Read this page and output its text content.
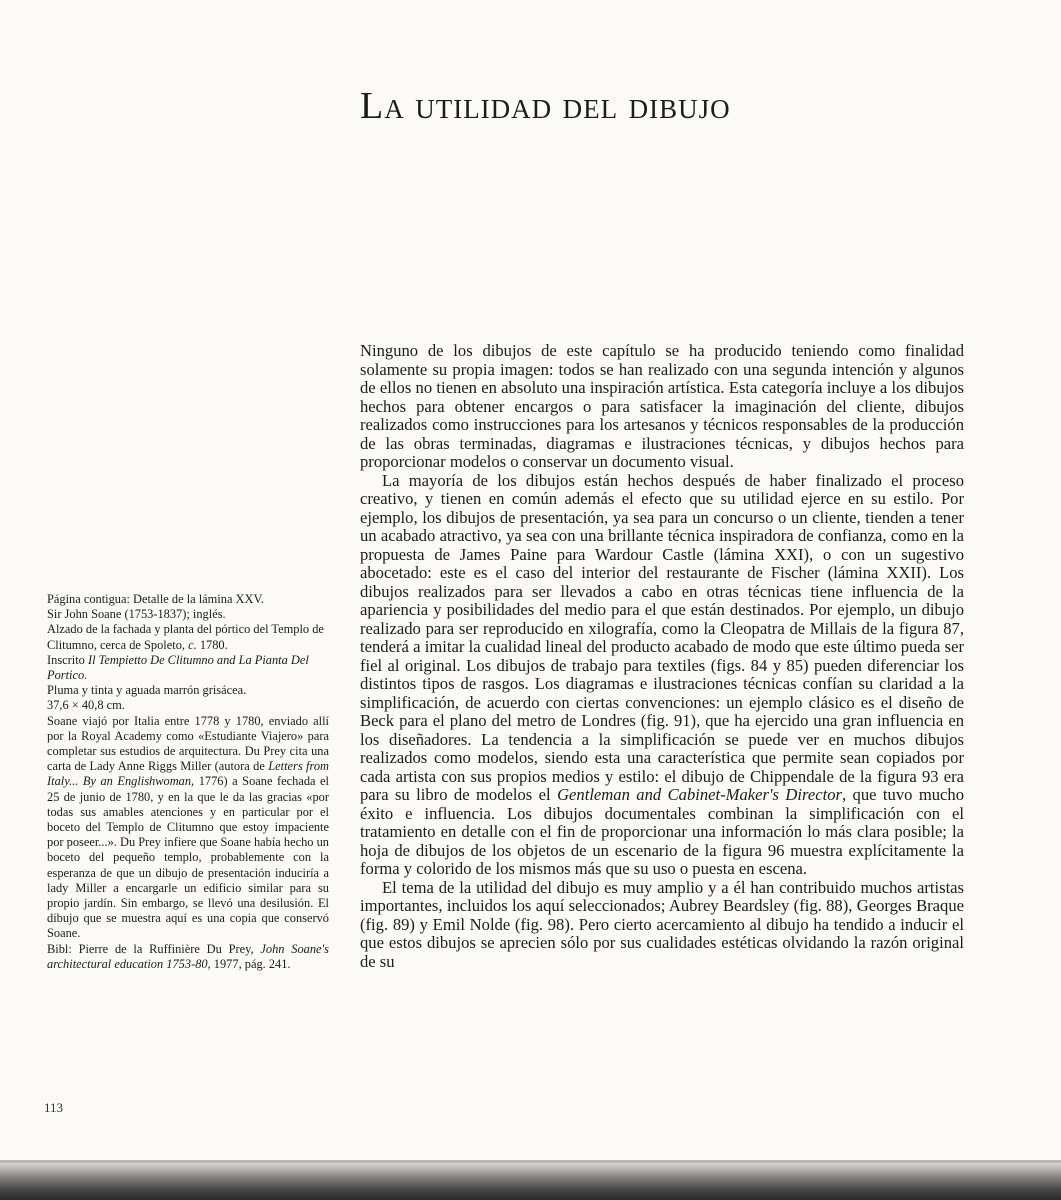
La utilidad del dibujo

Ninguno de los dibujos de este capítulo se ha producido teniendo como finalidad solamente su propia imagen: todos se han realizado con una segunda intención y algunos de ellos no tienen en absoluto una inspiración artística. Esta categoría incluye a los dibujos hechos para obtener encargos o para satisfacer la imaginación del cliente, dibujos realizados como instrucciones para los artesanos y técnicos responsables de la producción de las obras terminadas, diagramas e ilustraciones técnicas, y dibujos hechos para proporcionar modelos o conservar un documento visual.

La mayoría de los dibujos están hechos después de haber finalizado el proceso creativo, y tienen en común además el efecto que su utilidad ejerce en su estilo. Por ejemplo, los dibujos de presentación, ya sea para un concurso o un cliente, tienden a tener un acabado atractivo, ya sea con una brillante técnica inspiradora de confianza, como en la propuesta de James Paine para Wardour Castle (lámina XXI), o con un sugestivo abocetado: este es el caso del interior del restaurante de Fischer (lámina XXII). Los dibujos realizados para ser llevados a cabo en otras técnicas tiene influencia de la apariencia y posibilidades del medio para el que están destinados. Por ejemplo, un dibujo realizado para ser reproducido en xilografía, como la Cleopatra de Millais de la figura 87, tenderá a imitar la cualidad lineal del producto acabado de modo que este último pueda ser fiel al original. Los dibujos de trabajo para textiles (figs. 84 y 85) pueden diferenciar los distintos tipos de rasgos. Los diagramas e ilustraciones técnicas confían su claridad a la simplificación, de acuerdo con ciertas convenciones: un ejemplo clásico es el diseño de Beck para el plano del metro de Londres (fig. 91), que ha ejercido una gran influencia en los diseñadores. La tendencia a la simplificación se puede ver en muchos dibujos realizados como modelos, siendo esta una característica que permite sean copiados por cada artista con sus propios medios y estilo: el dibujo de Chippendale de la figura 93 era para su libro de modelos el Gentleman and Cabinet-Maker's Director, que tuvo mucho éxito e influencia. Los dibujos documentales combinan la simplificación con el tratamiento en detalle con el fin de proporcionar una información lo más clara posible; la hoja de dibujos de los objetos de un escenario de la figura 96 muestra explícitamente la forma y colorido de los mismos más que su uso o puesta en escena.

El tema de la utilidad del dibujo es muy amplio y a él han contribuido muchos artistas importantes, incluidos los aquí seleccionados; Aubrey Beardsley (fig. 88), Georges Braque (fig. 89) y Emil Nolde (fig. 98). Pero cierto acercamiento al dibujo ha tendido a inducir el que estos dibujos se aprecien sólo por sus cualidades estéticas olvidando la razón original de su

Página contigua: Detalle de la lámina XXV.
Sir John Soane (1753-1837); inglés.
Alzado de la fachada y planta del pórtico del Templo de Clitumno, cerca de Spoleto, c. 1780.
Inscrito Il Tempietto De Clitumno and La Pianta Del Portico.
Pluma y tinta y aguada marrón grisácea.
37,6 × 40,8 cm.
Soane viajó por Italia entre 1778 y 1780, enviado allí por la Royal Academy como «Estudiante Viajero» para completar sus estudios de arquitectura. Du Prey cita una carta de Lady Anne Riggs Miller (autora de Letters from Italy... By an Englishwoman, 1776) a Soane fechada el 25 de junio de 1780, y en la que le da las gracias «por todas sus amables atenciones y en particular por el boceto del Templo de Clitumno que estoy impaciente por poseer...». Du Prey infiere que Soane había hecho un boceto del pequeño templo, probablemente con la esperanza de que un dibujo de presentación induciría a lady Miller a encargarle un edificio similar para su propio jardín. Sin embargo, se llevó una desilusión. El dibujo que se muestra aquí es una copia que conservó Soane.
Bibl: Pierre de la Ruffinière Du Prey, John Soane's architectural education 1753-80, 1977, pág. 241.
113
